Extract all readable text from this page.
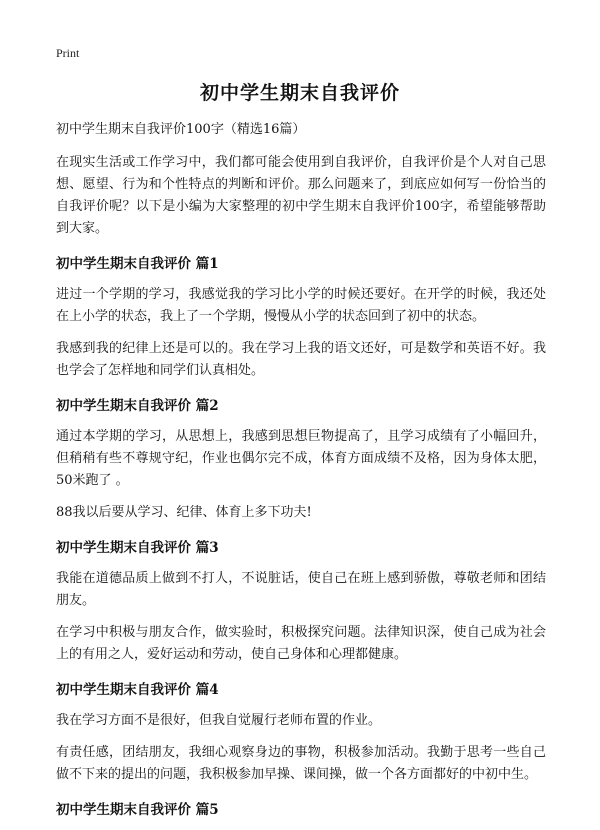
Print
初中学生期末自我评价

初中学生期末自我评价100字（精选16篇）

在现实生活或工作学习中，我们都可能会使用到自我评价，自我评价是个人对自己思想、愿望、行为和个性特点的判断和评价。那么问题来了，到底应如何写一份恰当的自我评价呢？以下是小编为大家整理的初中学生期末自我评价100字，希望能够帮助到大家。

初中学生期末自我评价 篇1

进过一个学期的学习，我感觉我的学习比小学的时候还要好。在开学的时候，我还处在上小学的状态，我上了一个学期，慢慢从小学的状态回到了初中的状态。

我感到我的纪律上还是可以的。我在学习上我的语文还好，可是数学和英语不好。我也学会了怎样地和同学们认真相处。

初中学生期末自我评价 篇2

通过本学期的学习，从思想上，我感到思想巨物提高了，且学习成绩有了小幅回升，但稍稍有些不尊规守纪，作业也偶尔完不成，体育方面成绩不及格，因为身体太肥，50米跑了 。

88我以后要从学习、纪律、体育上多下功夫!

初中学生期末自我评价 篇3

我能在道德品质上做到不打人，不说脏话，使自己在班上感到骄傲，尊敬老师和团结朋友。

在学习中积极与朋友合作，做实验时，积极探究问题。法律知识深，使自己成为社会上的有用之人，爱好运动和劳动，使自己身体和心理都健康。

初中学生期末自我评价 篇4

我在学习方面不是很好，但我自觉履行老师布置的作业。

有责任感，团结朋友，我细心观察身边的事物，积极参加活动。我勤于思考一些自己做不下来的提出的问题，我积极参加早操、课间操，做一个各方面都好的中初中生。

初中学生期末自我评价 篇5
